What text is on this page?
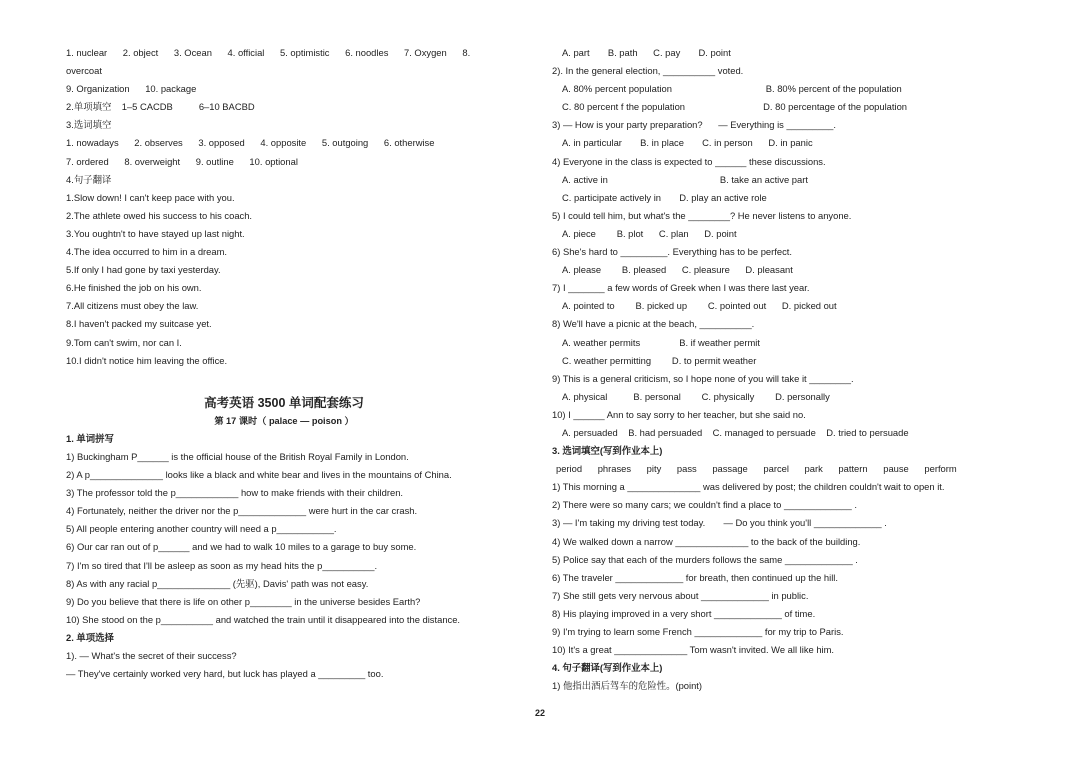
1. nuclear      2. object      3. Ocean      4. official      5. optimistic      6. noodles      7. Oxygen      8.
overcoat
9. Organization      10. package
2.单项填空    1–5 CACDB          6–10 BACBD
3.选词填空
1. nowadays      2. observes      3. opposed      4. opposite      5. outgoing      6. otherwise
7. ordered      8. overweight      9. outline      10. optional
4.句子翻译
1.Slow down! I can't keep pace with you.
2.The athlete owed his success to his coach.
3.You oughtn't to have stayed up last night.
4.The idea occurred to him in a dream.
5.If only I had gone by taxi yesterday.
6.He finished the job on his own.
7.All citizens must obey the law.
8.I haven't packed my suitcase yet.
9.Tom can't swim, nor can I.
10.I didn't notice him leaving the office.
高考英语 3500 单词配套练习
第 17 课时（ palace — poison ）
1. 单词拼写
1) Buckingham P______ is the official house of the British Royal Family in London.
2) A p______________ looks like a black and white bear and lives in the mountains of China.
3) The professor told the p____________ how to make friends with their children.
4) Fortunately, neither the driver nor the p_____________ were hurt in the car crash.
5) All people entering another country will need a p___________.
6) Our car ran out of p______ and we had to walk 10 miles to a garage to buy some.
7) I'm so tired that I'll be asleep as soon as my head hits the p__________.
8) As with any racial p______________ (先驱), Davis' path was not easy.
9) Do you believe that there is life on other p________ in the universe besides Earth?
10) She stood on the p__________ and watched the train until it disappeared into the distance.
2. 单项选择
1). — What's the secret of their success?
— They've certainly worked very hard, but luck has played a _________ too.
A. part       B. path      C. pay       D. point
2). In the general election, __________ voted.
A. 80% percent population                                    B. 80% percent of the population
C. 80 percent f the population                              D. 80 percentage of the population
3) — How is your party preparation?      — Everything is _________.
A. in particular       B. in place       C. in person      D. in panic
4) Everyone in the class is expected to ______ these discussions.
A. active in                                           B. take an active part
C. participate actively in       D. play an active role
5) I could tell him, but what's the ________? He never listens to anyone.
A. piece        B. plot      C. plan      D. point
6) She's hard to _________. Everything has to be perfect.
A. please        B. pleased      C. pleasure      D. pleasant
7) I _______ a few words of Greek when I was there last year.
A. pointed to        B. picked up        C. pointed out      D. picked out
8) We'll have a picnic at the beach, __________.
A. weather permits               B. if weather permit
C. weather permitting        D. to permit weather
9) This is a general criticism, so I hope none of you will take it ________.
A. physical          B. personal        C. physically        D. personally
10) I ______ Ann to say sorry to her teacher, but she said no.
A. persuaded    B. had persuaded    C. managed to persuade    D. tried to persuade
3. 选词填空(写到作业本上)
period      phrases      pity      pass      passage      parcel      park      pattern      pause      perform
1) This morning a ______________ was delivered by post; the children couldn't wait to open it.
2) There were so many cars; we couldn't find a place to _____________ .
3) — I'm taking my driving test today.       — Do you think you'll _____________ .
4) We walked down a narrow ______________ to the back of the building.
5) Police say that each of the murders follows the same _____________ .
6) The traveler _____________ for breath, then continued up the hill.
7) She still gets very nervous about _____________ in public.
8) His playing improved in a very short _____________ of time.
9) I'm trying to learn some French _____________ for my trip to Paris.
10) It's a great ______________ Tom wasn't invited. We all like him.
4. 句子翻译(写到作业本上)
1) 他指出酒后驾车的危险性。(point)
22
